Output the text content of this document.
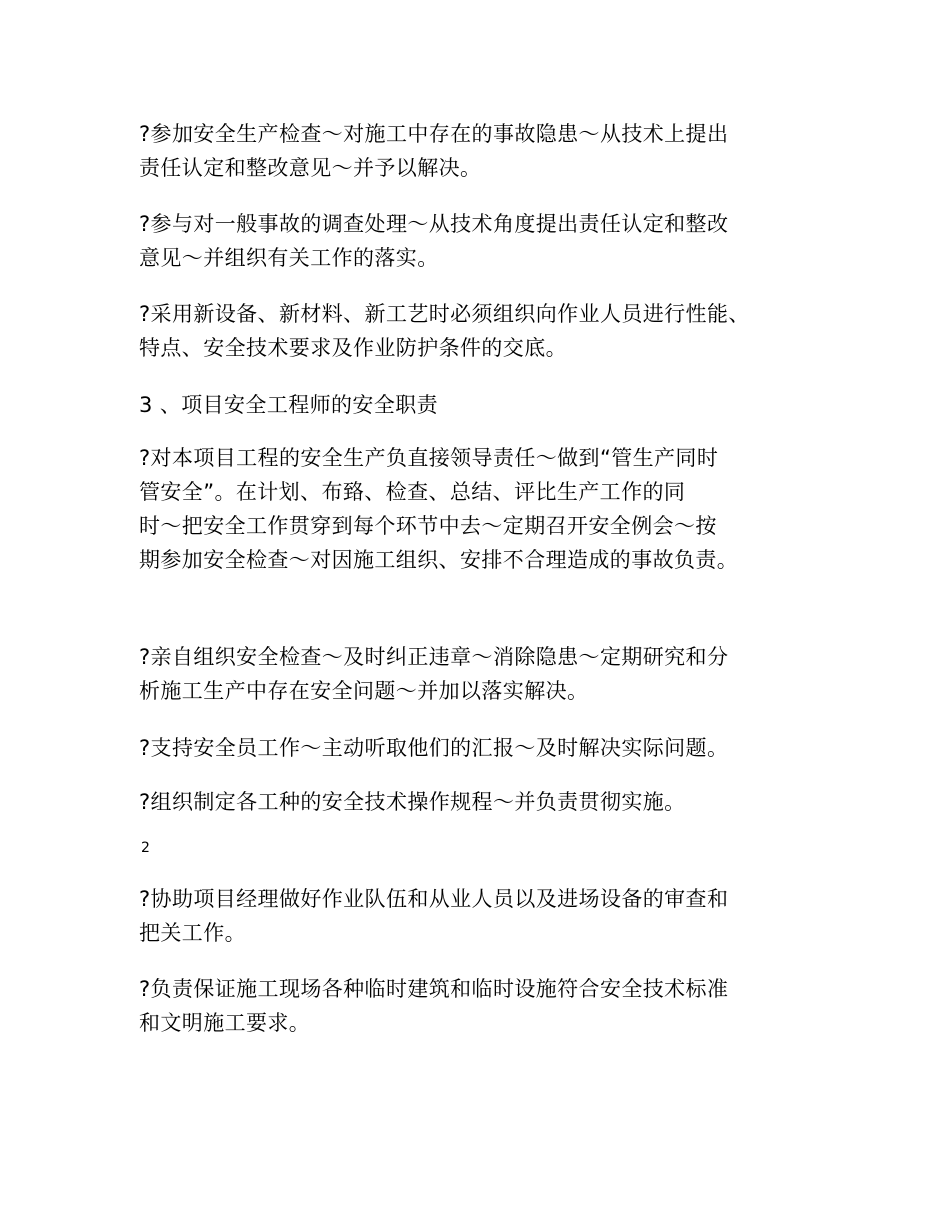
?参加安全生产检查～对施工中存在的事故隐患～从技术上提出
责任认定和整改意见～并予以解决。
?参与对一般事故的调查处理～从技术角度提出责任认定和整改
意见～并组织有关工作的落实。
?采用新设备、新材料、新工艺时必须组织向作业人员进行性能、
特点、安全技术要求及作业防护条件的交底。
3 、项目安全工程师的安全职责
?对本项目工程的安全生产负直接领导责任～做到“管生产同时
管安全”。在计划、布臵、检查、总结、评比生产工作的同
时～把安全工作贯穿到每个环节中去～定期召开安全例会～按
期参加安全检查～对因施工组织、安排不合理造成的事故负责。
?亲自组织安全检查～及时纠正违章～消除隐患～定期研究和分
析施工生产中存在安全问题～并加以落实解决。
?支持安全员工作～主动听取他们的汇报～及时解决实际问题。
?组织制定各工种的安全技术操作规程～并负责贯彻实施。
2
?协助项目经理做好作业队伍和从业人员以及进场设备的审查和
把关工作。
?负责保证施工现场各种临时建筑和临时设施符合安全技术标准
和文明施工要求。
